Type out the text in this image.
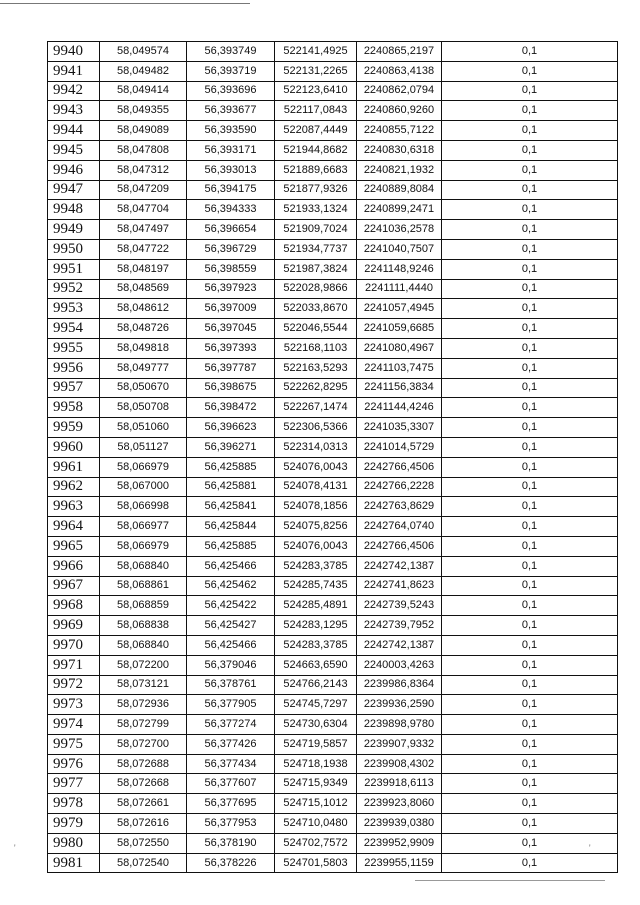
9940	58,049574	56,393749	522141,4925	2240865,2197	0,1
9941	58,049482	56,393719	522131,2265	2240863,4138	0,1
9942	58,049414	56,393696	522123,6410	2240862,0794	0,1
9943	58,049355	56,393677	522117,0843	2240860,9260	0,1
9944	58,049089	56,393590	522087,4449	2240855,7122	0,1
9945	58,047808	56,393171	521944,8682	2240830,6318	0,1
9946	58,047312	56,393013	521889,6683	2240821,1932	0,1
9947	58,047209	56,394175	521877,9326	2240889,8084	0,1
9948	58,047704	56,394333	521933,1324	2240899,2471	0,1
9949	58,047497	56,396654	521909,7024	2241036,2578	0,1
9950	58,047722	56,396729	521934,7737	2241040,7507	0,1
9951	58,048197	56,398559	521987,3824	2241148,9246	0,1
9952	58,048569	56,397923	522028,9866	2241111,4440	0,1
9953	58,048612	56,397009	522033,8670	2241057,4945	0,1
9954	58,048726	56,397045	522046,5544	2241059,6685	0,1
9955	58,049818	56,397393	522168,1103	2241080,4967	0,1
9956	58,049777	56,397787	522163,5293	2241103,7475	0,1
9957	58,050670	56,398675	522262,8295	2241156,3834	0,1
9958	58,050708	56,398472	522267,1474	2241144,4246	0,1
9959	58,051060	56,396623	522306,5366	2241035,3307	0,1
9960	58,051127	56,396271	522314,0313	2241014,5729	0,1
9961	58,066979	56,425885	524076,0043	2242766,4506	0,1
9962	58,067000	56,425881	524078,4131	2242766,2228	0,1
9963	58,066998	56,425841	524078,1856	2242763,8629	0,1
9964	58,066977	56,425844	524075,8256	2242764,0740	0,1
9965	58,066979	56,425885	524076,0043	2242766,4506	0,1
9966	58,068840	56,425466	524283,3785	2242742,1387	0,1
9967	58,068861	56,425462	524285,7435	2242741,8623	0,1
9968	58,068859	56,425422	524285,4891	2242739,5243	0,1
9969	58,068838	56,425427	524283,1295	2242739,7952	0,1
9970	58,068840	56,425466	524283,3785	2242742,1387	0,1
9971	58,072200	56,379046	524663,6590	2240003,4263	0,1
9972	58,073121	56,378761	524766,2143	2239986,8364	0,1
9973	58,072936	56,377905	524745,7297	2239936,2590	0,1
9974	58,072799	56,377274	524730,6304	2239898,9780	0,1
9975	58,072700	56,377426	524719,5857	2239907,9332	0,1
9976	58,072688	56,377434	524718,1938	2239908,4302	0,1
9977	58,072668	56,377607	524715,9349	2239918,6113	0,1
9978	58,072661	56,377695	524715,1012	2239923,8060	0,1
9979	58,072616	56,377953	524710,0480	2239939,0380	0,1
9980	58,072550	56,378190	524702,7572	2239952,9909	0,1
9981	58,072540	56,378226	524701,5803	2239955,1159	0,1
'	'
